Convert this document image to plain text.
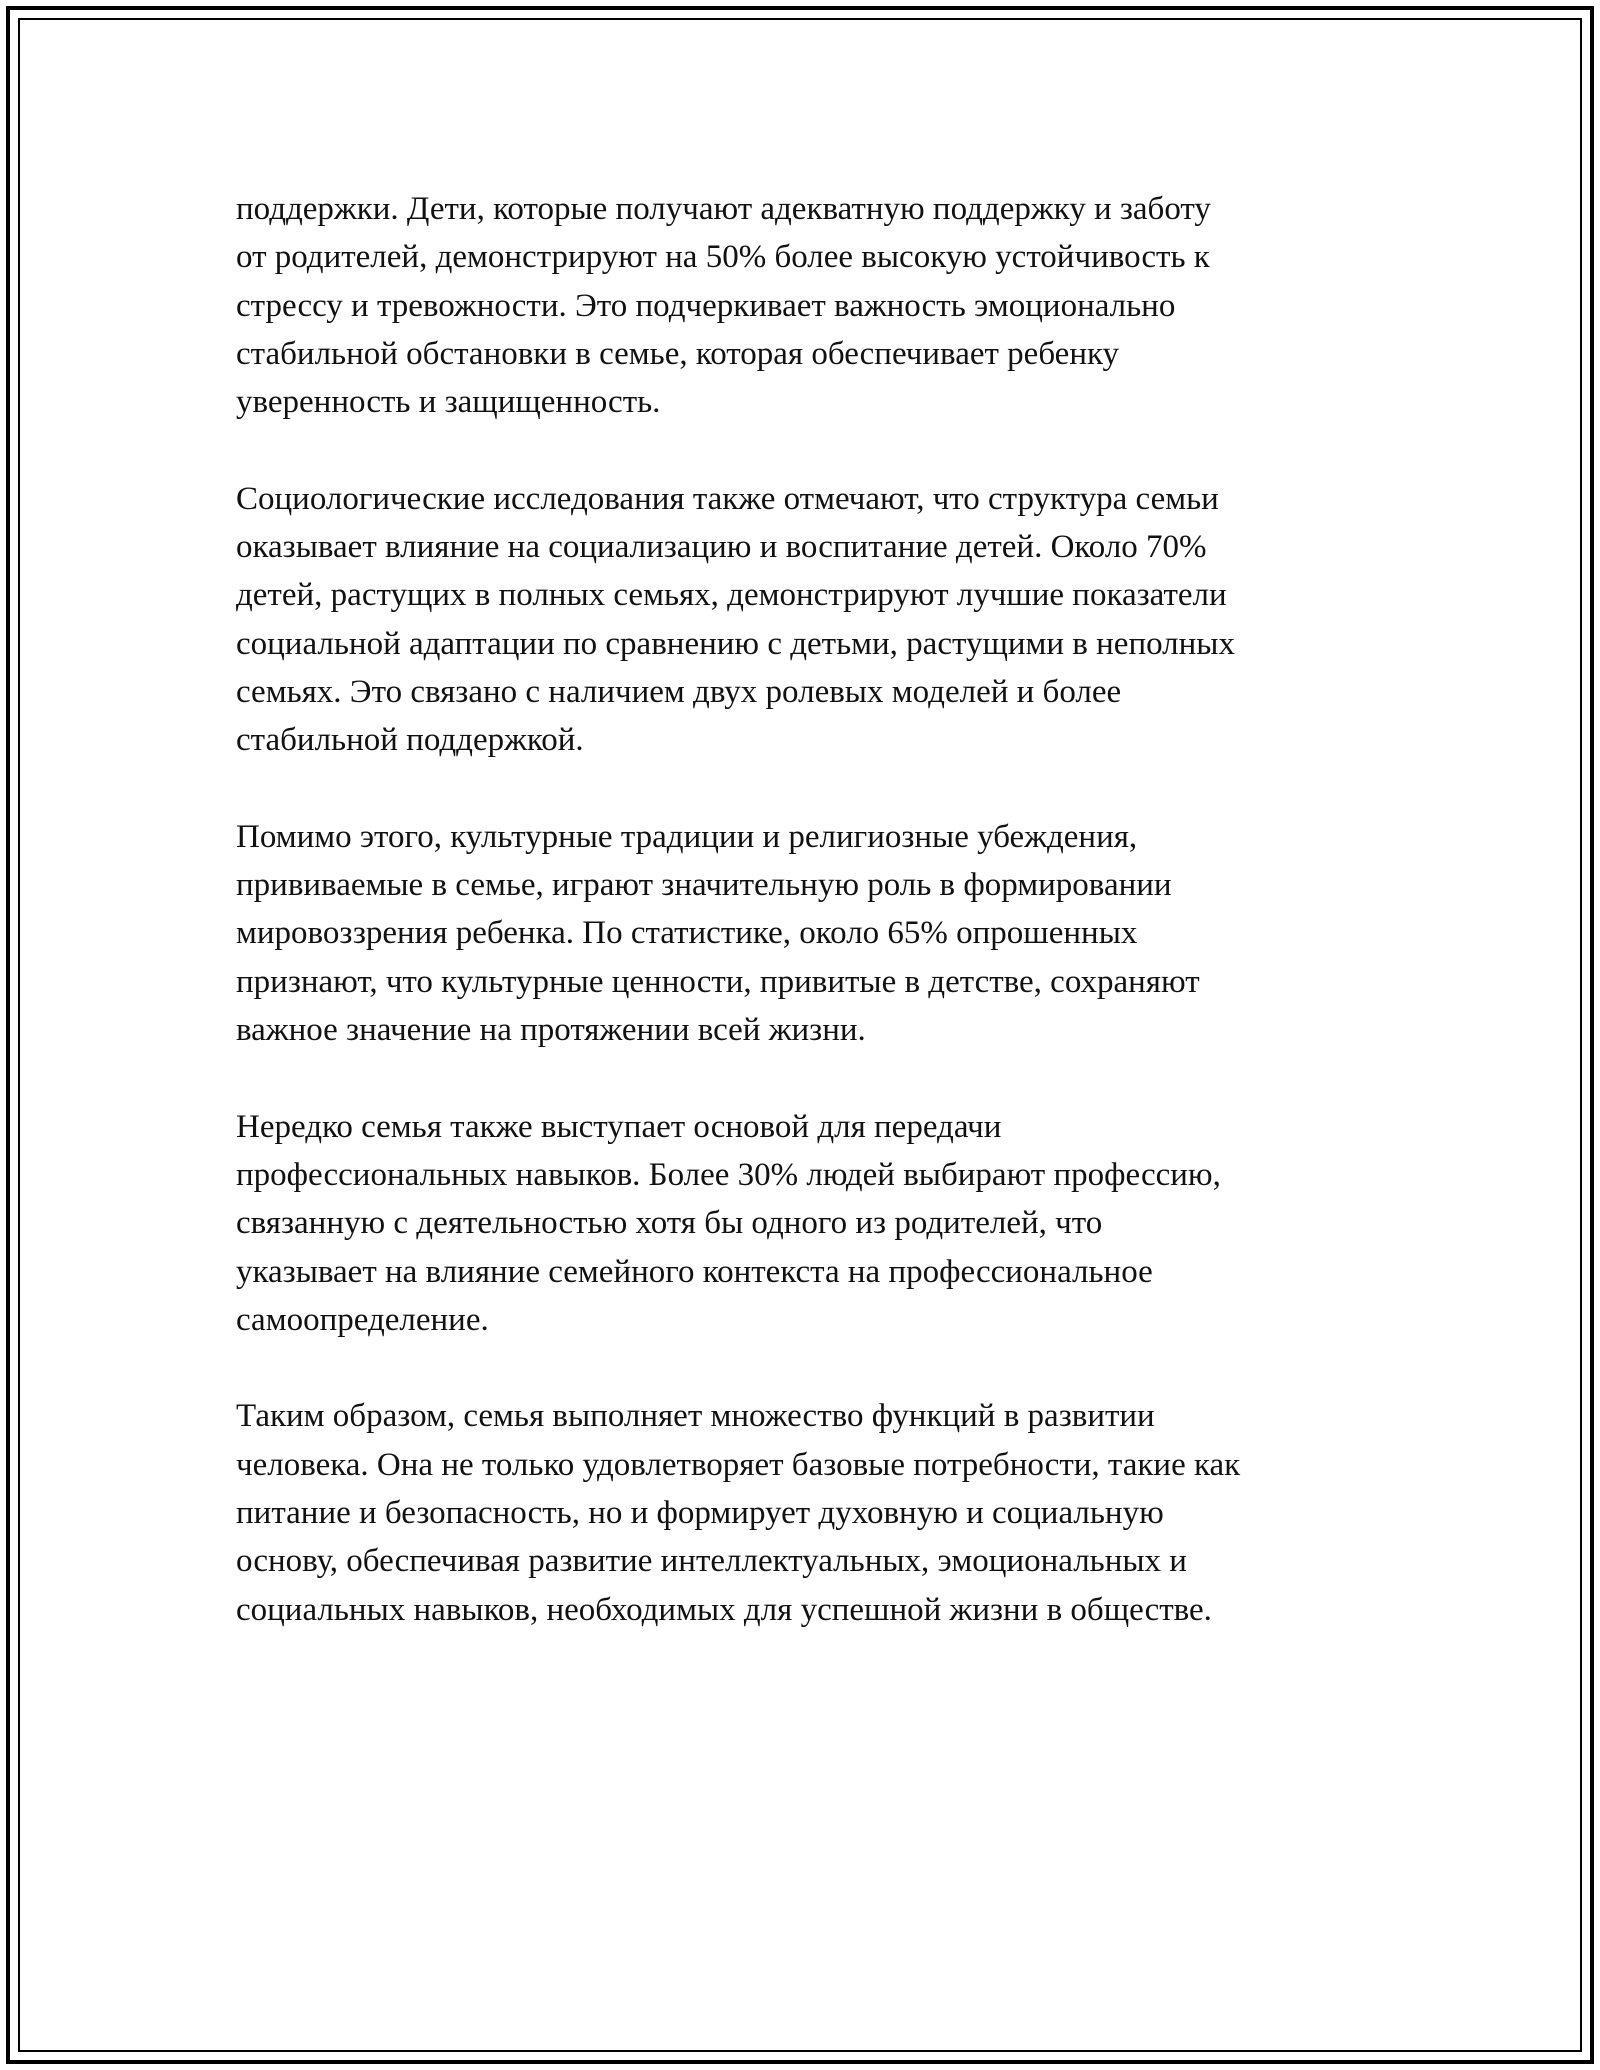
поддержки. Дети, которые получают адекватную поддержку и заботу
от родителей, демонстрируют на 50% более высокую устойчивость к
стрессу и тревожности. Это подчеркивает важность эмоционально
стабильной обстановки в семье, которая обеспечивает ребенку
уверенность и защищенность.

Социологические исследования также отмечают, что структура семьи
оказывает влияние на социализацию и воспитание детей. Около 70%
детей, растущих в полных семьях, демонстрируют лучшие показатели
социальной адаптации по сравнению с детьми, растущими в неполных
семьях. Это связано с наличием двух ролевых моделей и более
стабильной поддержкой.

Помимо этого, культурные традиции и религиозные убеждения,
прививаемые в семье, играют значительную роль в формировании
мировоззрения ребенка. По статистике, около 65% опрошенных
признают, что культурные ценности, привитые в детстве, сохраняют
важное значение на протяжении всей жизни.

Нередко семья также выступает основой для передачи
профессиональных навыков. Более 30% людей выбирают профессию,
связанную с деятельностью хотя бы одного из родителей, что
указывает на влияние семейного контекста на профессиональное
самоопределение.

Таким образом, семья выполняет множество функций в развитии
человека. Она не только удовлетворяет базовые потребности, такие как
питание и безопасность, но и формирует духовную и социальную
основу, обеспечивая развитие интеллектуальных, эмоциональных и
социальных навыков, необходимых для успешной жизни в обществе.
